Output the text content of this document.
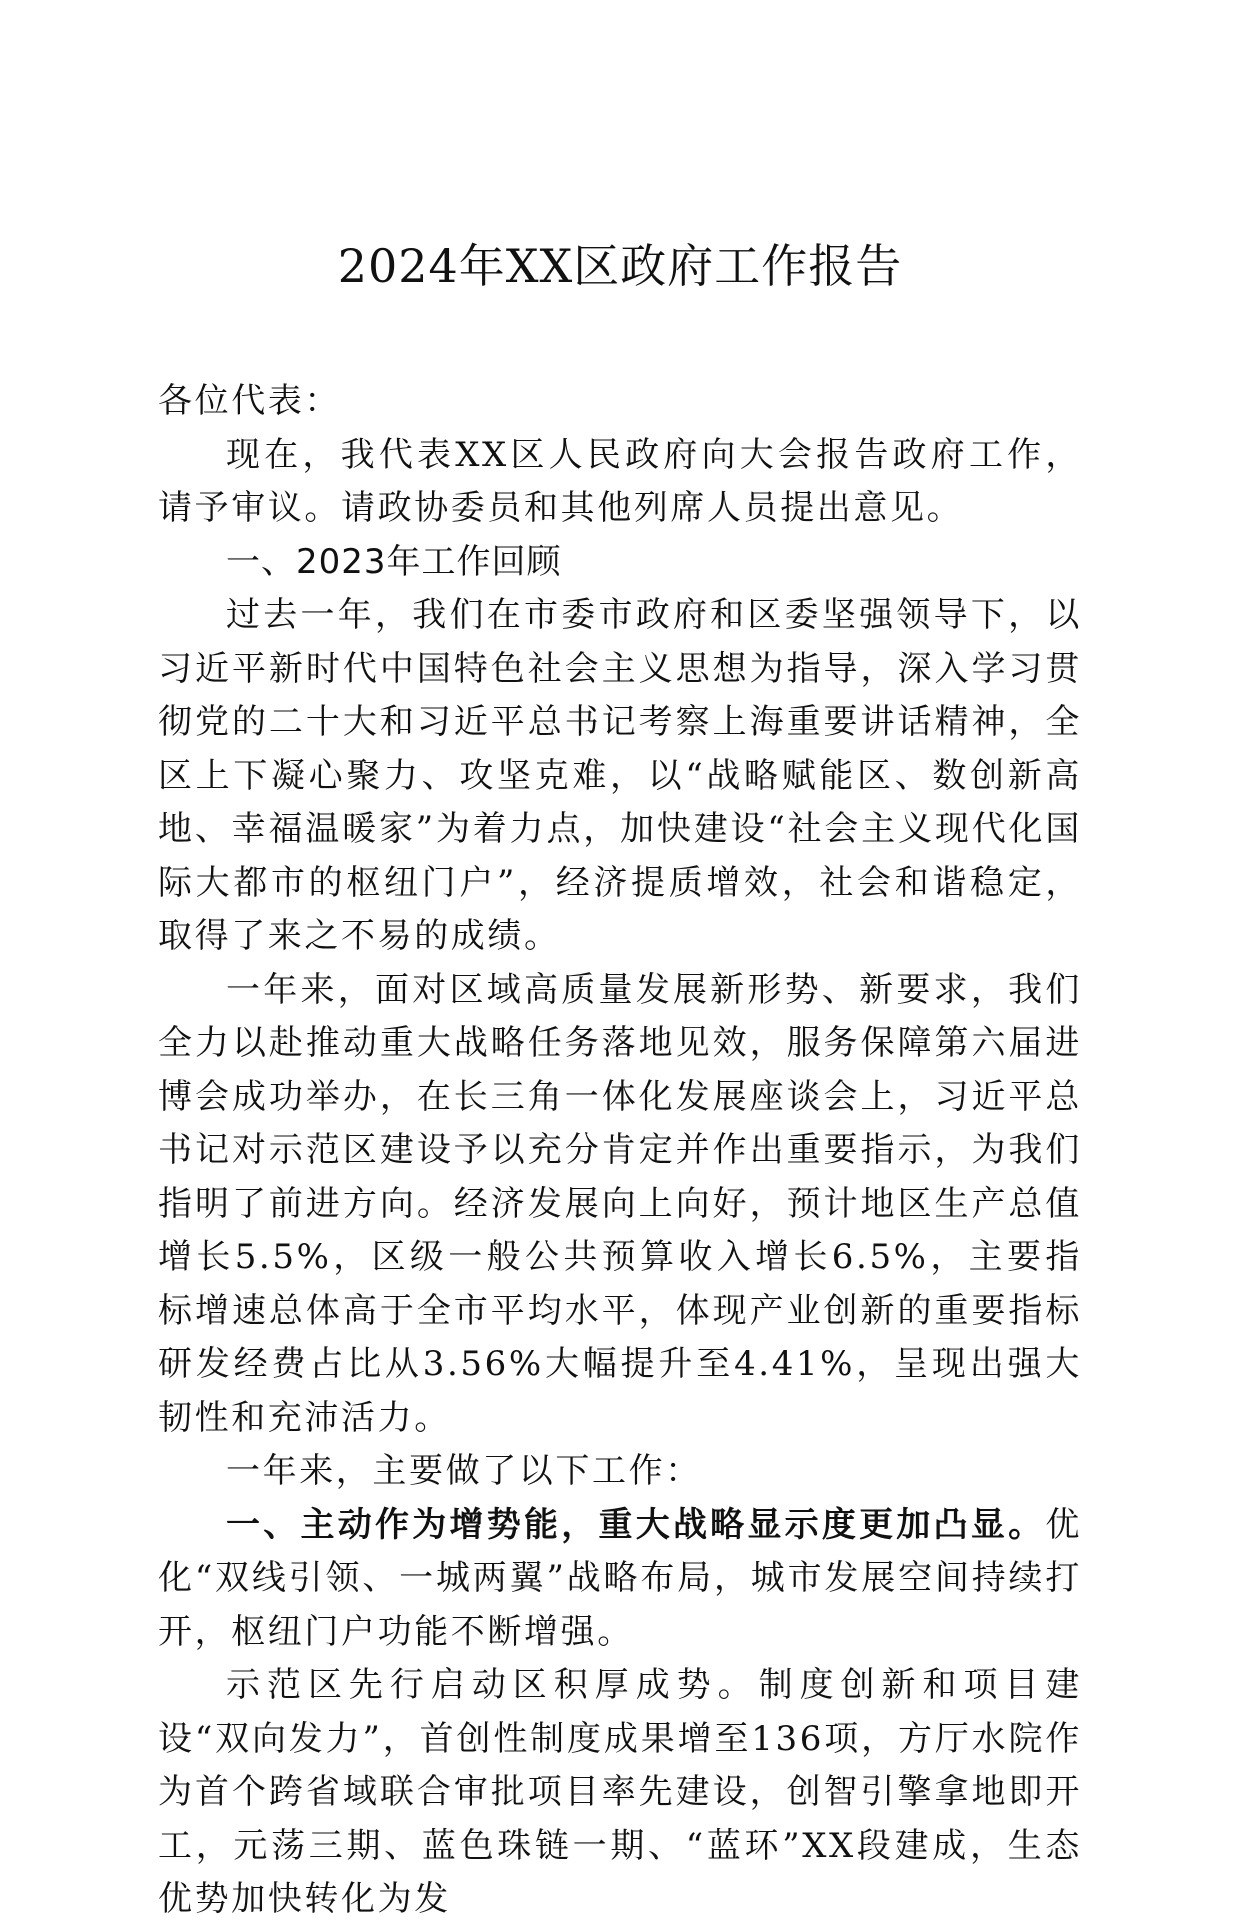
2024年XX区政府工作报告

各位代表：

现在，我代表XX区人民政府向大会报告政府工作，请予审议。请政协委员和其他列席人员提出意见。

一、2023年工作回顾

过去一年，我们在市委市政府和区委坚强领导下，以习近平新时代中国特色社会主义思想为指导，深入学习贯彻党的二十大和习近平总书记考察上海重要讲话精神，全区上下凝心聚力、攻坚克难，以“战略赋能区、数创新高地、幸福温暖家”为着力点，加快建设“社会主义现代化国际大都市的枢纽门户”，经济提质增效，社会和谐稳定，取得了来之不易的成绩。

一年来，面对区域高质量发展新形势、新要求，我们全力以赴推动重大战略任务落地见效，服务保障第六届进博会成功举办，在长三角一体化发展座谈会上，习近平总书记对示范区建设予以充分肯定并作出重要指示，为我们指明了前进方向。经济发展向上向好，预计地区生产总值增长5.5%，区级一般公共预算收入增长6.5%，主要指标增速总体高于全市平均水平，体现产业创新的重要指标研发经费占比从3.56%大幅提升至4.41%，呈现出强大韧性和充沛活力。

一年来，主要做了以下工作：

一、主动作为增势能，重大战略显示度更加凸显。优化“双线引领、一城两翼”战略布局，城市发展空间持续打开，枢纽门户功能不断增强。

示范区先行启动区积厚成势。制度创新和项目建设“双向发力”，首创性制度成果增至136项，方厅水院作为首个跨省域联合审批项目率先建设，创智引擎拿地即开工，元荡三期、蓝色珠链一期、“蓝环”XX段建成，生态优势加快转化为发
